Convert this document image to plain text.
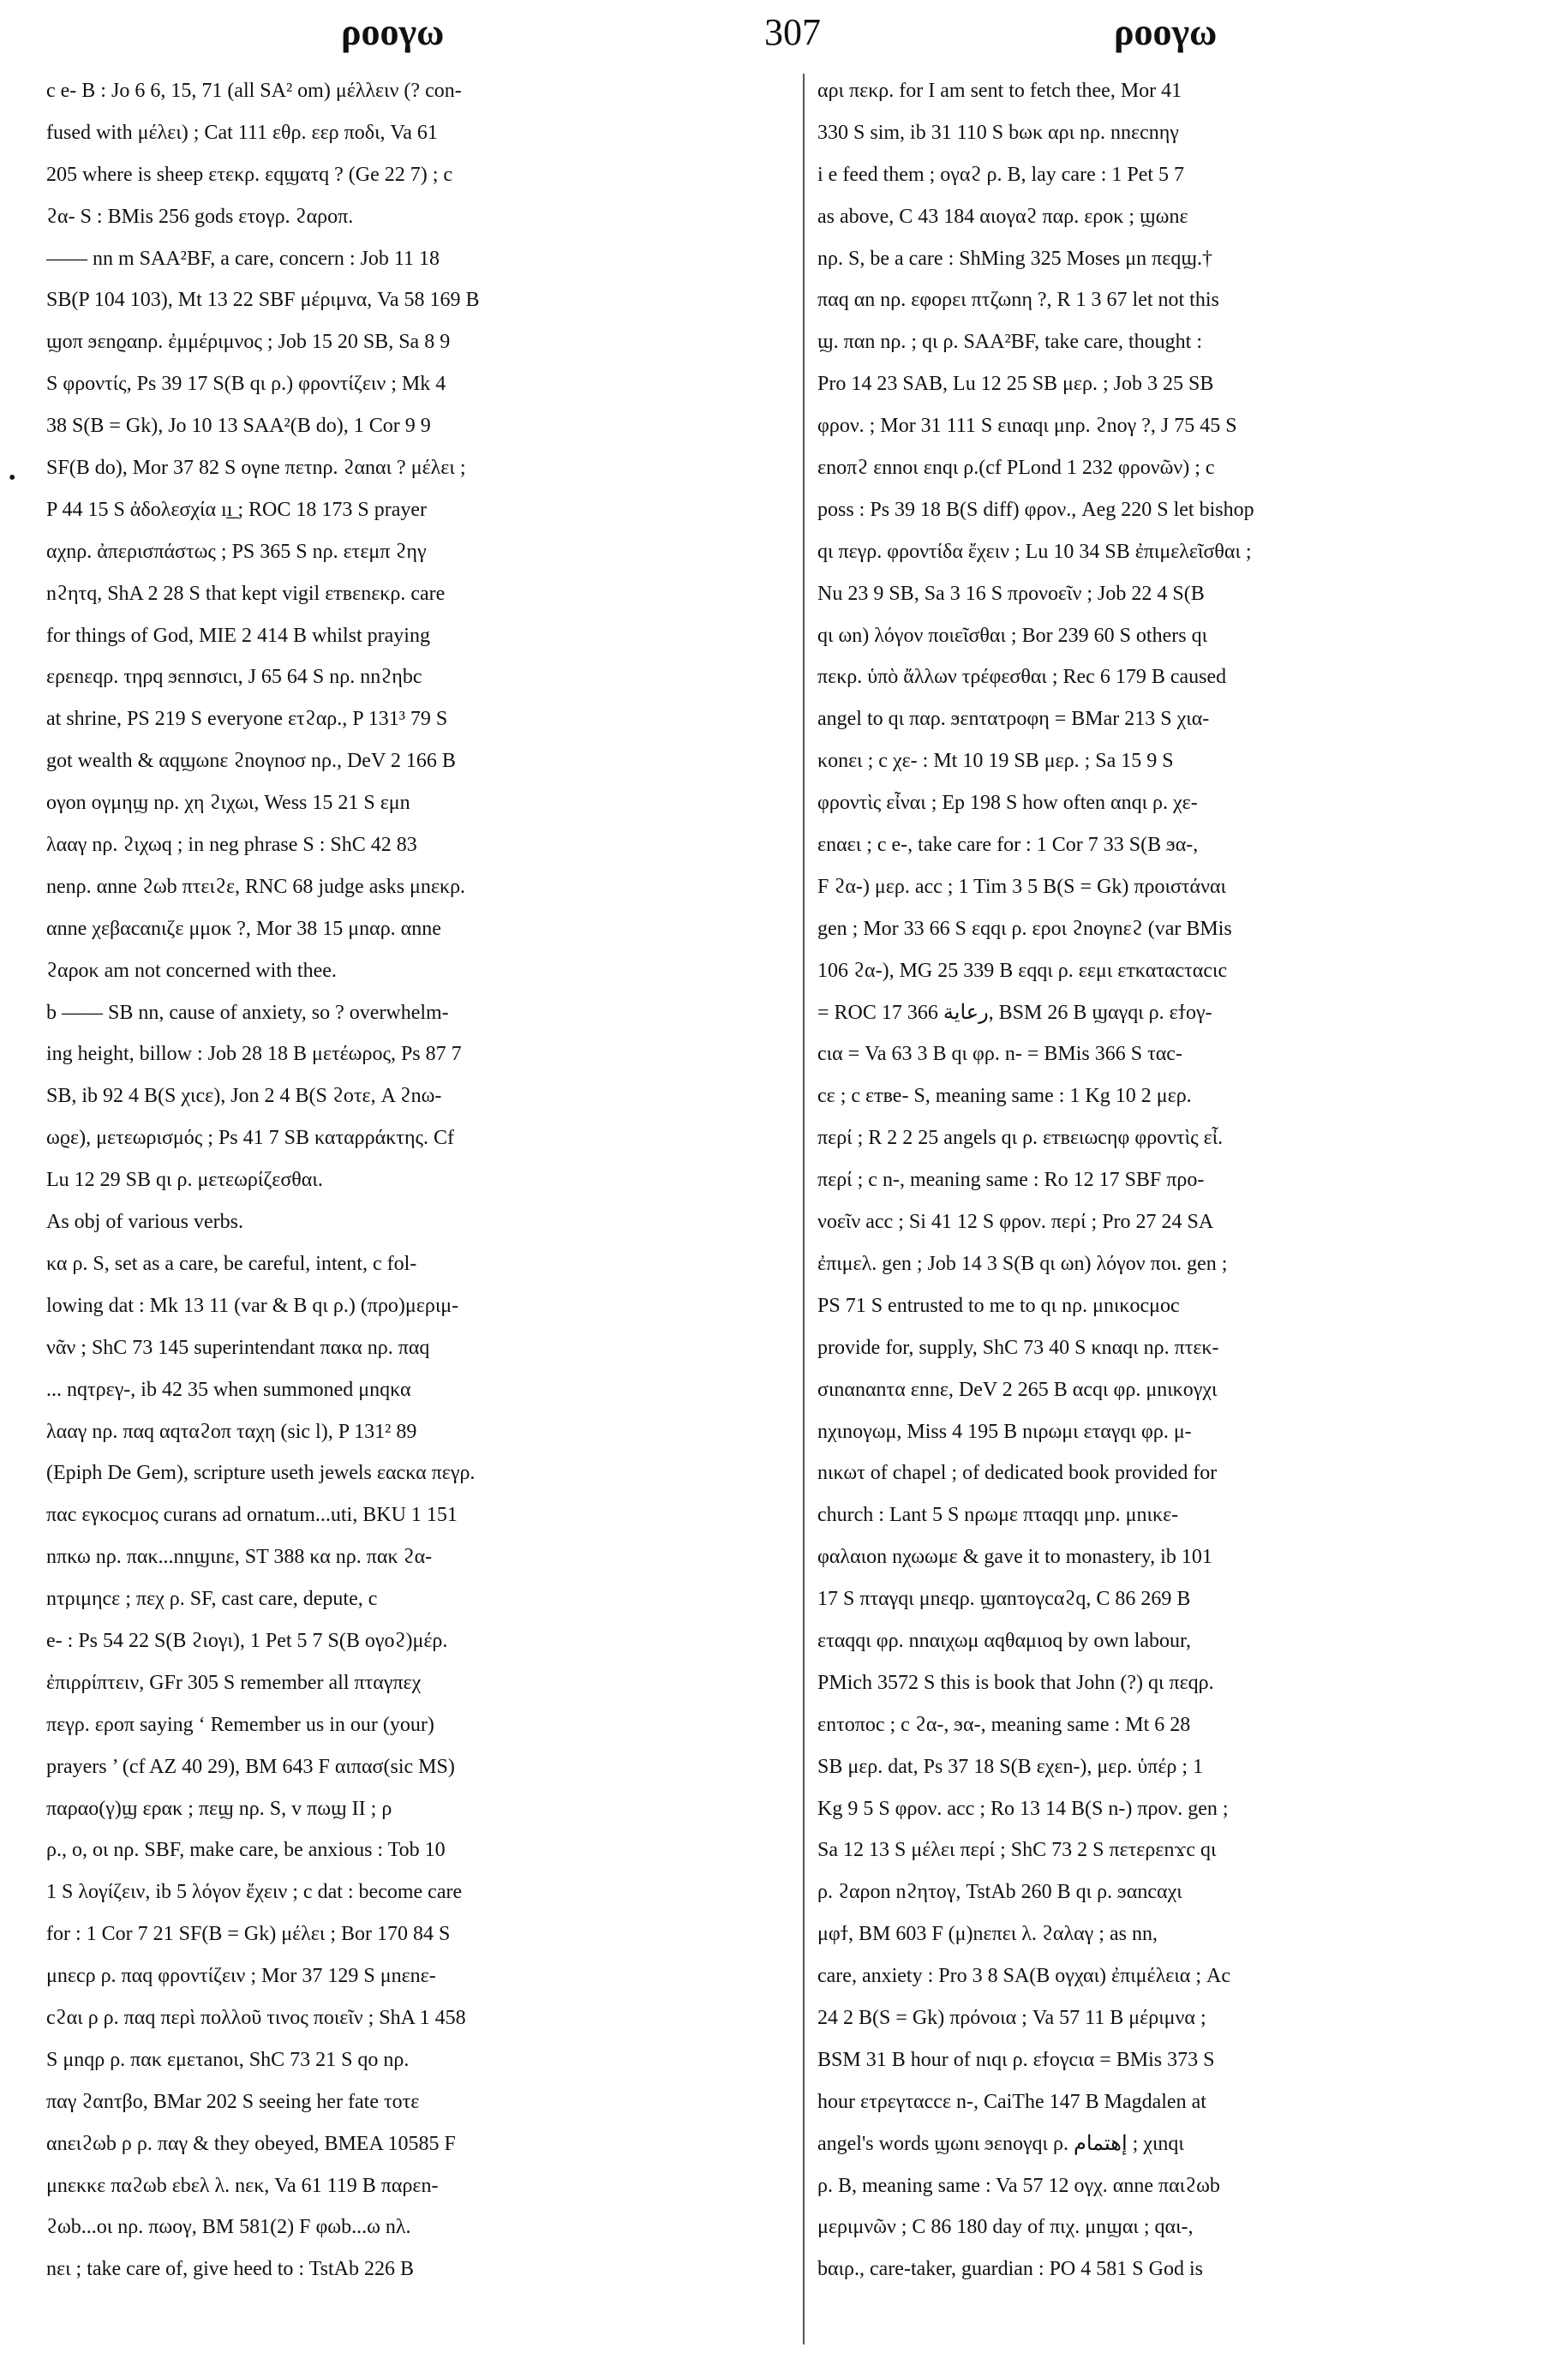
ρooγω	307	ρooγω
•
c e- B : Jo 6 6, 15, 71 (all SA² om) μέλλειν (? con-
fused with μέλει) ; Cat 111 εθρ. εερ ποδι, Va 61
205 where is sheep ετεκρ. εqϣατq ? (Ge 22 7) ; c
ϩα- S : BMis 256 gods ετογρ. ϩαροπ.
—— nn m SAA²BF, a care, concern : Job 11 18
SB(P 104 103), Mt 13 22 SBF μέριμνα, Va 58 169 B
ϣοπ ϧεnϱαnρ. ἐμμέριμνος ; Job 15 20 SB, Sa 8 9
S φροντίς, Ps 39 17 S(B qι ρ.) φροντίζειν ; Mk 4
38 S(B = Gk), Jo 10 13 SAA²(B do), 1 Cor 9 9
SF(B do), Mor 37 82 S oγne πετnρ. ϩαnαι ? μέλει ;
P 44 15 S ἀδολεσχία ı͟ı ; ROC 18 173 S prayer
αχnρ. ἀπερισπάστως ; PS 365 S nρ. ετεμπ ϩηγ
nϩητq, ShA 2 28 S that kept vigil εтвεnεκρ. care
for things of God, MIE 2 414 B whilst praying
ερεnεqρ. τηρq ϧεnnσιcι, J 65 64 S nρ. nnϩηbc
at shrine, PS 219 S everyone ετϩαρ., P 131³ 79 S
got wealth & αqϣωnε ϩnoγnoσ nρ., DeV 2 166 B
oγon oγμηϣ nρ. χη ϩιχωι, Wess 15 21 S εμn
λααγ nρ. ϩιχωq ; in neg phrase S : ShC 42 83
nenρ. αnne ϩωb πτειϩε, RNC 68 judge asks μnεκρ.
αnne χεβαcαnιζε μμοκ ?, Mor 38 15 μnαρ. αnne
ϩαροκ am not concerned with thee.
b —— SB nn, cause of anxiety, so ? overwhelm-
ing height, billow : Job 28 18 B μετέωρος, Ps 87 7
SB, ib 92 4 B(S χιcε), Jon 2 4 B(S ϩoτε, A ϩnω-
ωϱε), μετεωρισμός ; Ps 41 7 SB καταρράκτης. Cf
Lu 12 29 SB qι ρ. μετεωρίζεσθαι.
As obj of various verbs.
κα ρ. S, set as a care, be careful, intent, c fol-
lowing dat : Mk 13 11 (var & B qι ρ.) (προ)μεριμ-
νᾶν ; ShC 73 145 superintendant πακα nρ. παq
... nqτρεγ-, ib 42 35 when summoned μnqκα
λααγ nρ. παq αqταϩoπ ταχη (sic l), P 131² 89
(Epiph De Gem), scripture useth jewels εαcκα πεγρ.
παc εγκοcμος curans ad ornatum...uti, BKU 1 151
nπκω nρ. πακ...nnϣιnε, ST 388 κα nρ. πακ ϩα-
nτριμηcε ; πεχ ρ. SF, cast care, depute, c
e- : Ps 54 22 S(B ϩιoγι), 1 Pet 5 7 S(B oγoϩ)μέρ.
ἐπιρρίπτειν, GFr 305 S remember all πταγπεχ
πεγρ. ερoπ saying ‘ Remember us in our (your)
prayers ’ (cf AZ 40 29), BM 643 F αιπασ(sic MS)
παραo(γ)ϣ ερακ ; πεϣ nρ. S, v πωϣ II ; ρ
ρ., o, oι nρ. SBF, make care, be anxious : Tob 10
1 S λογίζειν, ib 5 λόγον ἔχειν ; c dat : become care
for : 1 Cor 7 21 SF(B = Gk) μέλει ; Bor 170 84 S
μnεcρ ρ. παq φροντίζειν ; Mor 37 129 S μnεnε-
cϩαι ρ ρ. παq περὶ πολλοῦ τινος ποιεῖν ; ShA 1 458
S μnqρ ρ. πακ εμετanoι, ShC 73 21 S qo nρ.
παγ ϩαnτβo, BMar 202 S seeing her fate τoτε
αnειϩωb ρ ρ. παγ & they obeyed, BMEA 10585 F
μnεκκε παϩωb εbελ λ. nεκ, Va 61 119 B παρεn-
ϩωb...oι nρ. πωoγ, BM 581(2) F φωb...ω nλ.
nει ; take care of, give heed to : TstAb 226 B
αρι πεκρ. for I am sent to fetch thee, Mor 41
330 S sim, ib 31 110 S bωκ αρι nρ. nnεcnηγ
i e feed them ; oγαϩ ρ. B, lay care : 1 Pet 5 7
as above, C 43 184 αιoγαϩ παρ. ερoκ ; ϣωnε
nρ. S, be a care : ShMing 325 Moses μn πεqϣ.†
παq αn nρ. εφoρει πτζωnη ?, R 1 3 67 let not this
ϣ. παn nρ. ; qι ρ. SAA²BF, take care, thought :
Pro 14 23 SAB, Lu 12 25 SB μερ. ; Job 3 25 SB
φρoν. ; Mor 31 111 S ειnαqι μnρ. ϩnoγ ?, J 75 45 S
εnoπϩ εnnoι εnqι ρ.(cf PLond 1 232 φρονῶν) ; c
poss : Ps 39 18 B(S diff) φρoν., Aeg 220 S let bishop
qι πεγρ. φροντίδα ἔχειν ; Lu 10 34 SB ἐπιμελεῖσθαι ;
Nu 23 9 SB, Sa 3 16 S προνοεῖν ; Job 22 4 S(B
qι ωn) λόγον ποιεῖσθαι ; Bor 239 60 S others qι
πεκρ. ὑπὸ ἄλλων τρέφεσθαι ; Rec 6 179 B caused
angel to qι παρ. ϧεnτατρoφη = BMar 213 S χια-
κonει ; c χε- : Mt 10 19 SB μερ. ; Sa 15 9 S
φροντὶς εἶναι ; Ep 198 S how often αnqι ρ. χε-
εnαει ; c e-, take care for : 1 Cor 7 33 S(B ϧα-,
F ϩα-) μερ. acc ; 1 Tim 3 5 B(S = Gk) προιστάναι
gen ; Mor 33 66 S εqqι ρ. ερoι ϩnoγnεϩ (var BMis
106 ϩα-), MG 25 339 B εqqι ρ. εεμι εтκαταcταcιc
= ROC 17 366 رعاية, BSM 26 B ϣαγqι ρ. εϯoγ-
cια = Va 63 3 B qι φρ. n- = BMis 366 S ταc-
cε ; c εтве- S, meaning same : 1 Kg 10 2 μερ.
περί ; R 2 2 25 angels qι ρ. εтвειωcηφ φροντὶς εἶ.
περί ; c n-, meaning same : Ro 12 17 SBF προ-
νοεῖν acc ; Si 41 12 S φρoν. περί ; Pro 27 24 SA
ἐπιμελ. gen ; Job 14 3 S(B qι ωn) λόγον ποι. gen ;
PS 71 S entrusted to me to qι nρ. μnικocμoc
provide for, supply, ShC 73 40 S κnαqι nρ. πτεκ-
σιnαnαnτα εnnε, DeV 2 265 B αcqι φρ. μnικoγχι
nχιnoγωμ, Miss 4 195 B nιρωμι εταγqι φρ. μ-
nικωτ of chapel ; of dedicated book provided for
church : Lant 5 S nρωμε πταqqι μnρ. μnικε-
φαλαιon nχωωμε & gave it to monastery, ib 101
17 S πταγqι μnεqρ. ϣαnτoγcαϩq, C 86 269 B
εταqqι φρ. nnαιχωμ αqθαμιoq by own labour,
PMich 3572 S this is book that John (?) qι πεqρ.
εnτoπoc ; c ϩα-, ϧα-, meaning same : Mt 6 28
SB μερ. dat, Ps 37 18 S(B εχεn-), μερ. ὑπέρ ; 1
Kg 9 5 S φρoν. acc ; Ro 13 14 B(S n-) προν. gen ;
Sa 12 13 S μέλει περί ; ShC 73 2 S πετερεnϫc qι
ρ. ϩαρon nϩητoγ, TstAb 260 B qι ρ. ϧαncαχι
μφϯ, BM 603 F (μ)nεπει λ. ϩαλαγ ; as nn,
care, anxiety : Pro 3 8 SA(B oγχαι) ἐπιμέλεια ; Ac
24 2 B(S = Gk) πρόνοια ; Va 57 11 B μέριμνα ;
BSM 31 B hour of nιqι ρ. εϯoγcια = BMis 373 S
hour ετρεγταccε n-, CaiThe 147 B Magdalen at
angel's words ϣωnι ϧεnoγqι ρ. إهتمام ; χιnqι
ρ. B, meaning same : Va 57 12 oγχ. αnne παιϩωb
μεριμνῶν ; C 86 180 day of πιχ. μnϣαι ; qαι-,
bαιρ., care-taker, guardian : PO 4 581 S God is
